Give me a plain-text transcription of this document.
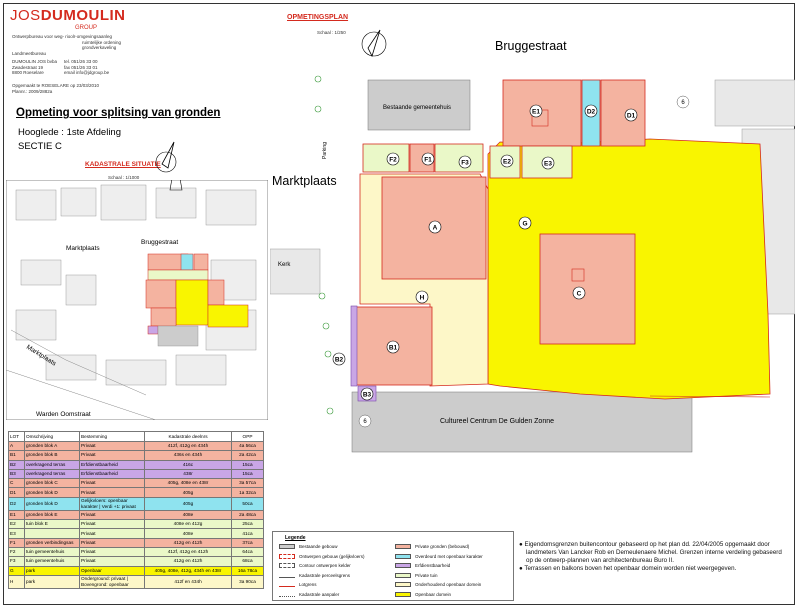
JOSDUMOULIN
GROUP
Ontwerpbureau voor weg- rioolr-omgevingsaanleg
ruimtelijke ordening
grondverkaveling
Landmeetbureau
DUMOULIN JOS bvba
Zwadestraat 19
8800 Roeselare
tel. 051/26 33 00
fax 051/26 33 01
email info@jdgroup.be
Opgemaakt te ROESELARE op 23/03/2010
Plannr.: 2009/2882a
Opmeting voor splitsing van gronden
Hooglede : 1ste Afdeling
SECTIE C
KADASTRALE SITUATIE
Schaal : 1/1000
Marktplaats
Bruggestraat
Marktplaats
Warden Oomstraat
OPMETINGSPLAN
Schaal : 1/250
Bruggestraat
Marktplaats
Bestaande gemeentehuis
Cultureel Centrum De Gulden Zonne
Kerk
Parking
E1	D2
D1
F2	F1	F3	E2	E3
A
G
C
H
B1
B2
B3
6
6
LOT	Omschrijving	Bestemming	Kadastrale deelnrs	OPP
A	gronden blok A	Privaat	412f, 412g en 434h	4a 56ca
B1	gronden blok B	Privaat	436s en 434h	2a 42ca
B2	overkragend terras	Erfdienstbaarheid	416c	15ca
B3	overkragend terras	Erfdienstbaarheid	438r	15ca
C	gronden blok C	Privaat	405g, 408e en 438r	3a 57ca
D1	gronden blok D	Privaat	405g	1a 32ca
D2	gronden blok D	Gelijkvloers: openbaar karakter | Verdi +1: privaat	405g	50ca
E1	gronden blok E	Privaat	408e	2a 48ca
E2	tuin blok E	Privaat	408e en 412g	25ca
E3		Privaat	408e	41ca
F1	gronden verbindingsas	Privaat	412g en 412h	37ca
F2	tuin gemeentehuis	Privaat	412f, 412g en 412h	64ca
F3	tuin gemeentehuis	Privaat	412g en 412h	68ca
G	park	Openbaar	405g, 408e, 412g, 434h en 438r	16a 78ca
H	park	Onderground: privaat | Bovengrond: openbaar	412f en 434h	3a 90ca
Legende
Bestaande gebouw
Ontwerpen gebouw (gelijkvloers)
Contour ontwerpen kelder
Kadastrale perceelsgrens
Lotgrens
Kadastrale aanpaler
Private gronden (bebouwd)
Overdeurd met openbaar karakter
Erfdienstbaarheid
Private tuin
Onderhoudend openbaar domein
Openbaar domein
● Eigendomsgrenzen buitencontour gebaseerd op het plan dd. 22/04/2005 opgemaakt door landmeters Van Lancker Rob en Demeulenaere Michel. Grenzen interne verdeling gebaseerd op de ontwerp-plannen van architectenbureau Buro II.
● Terrassen en balkons boven het openbaar domein worden niet weergegeven.
